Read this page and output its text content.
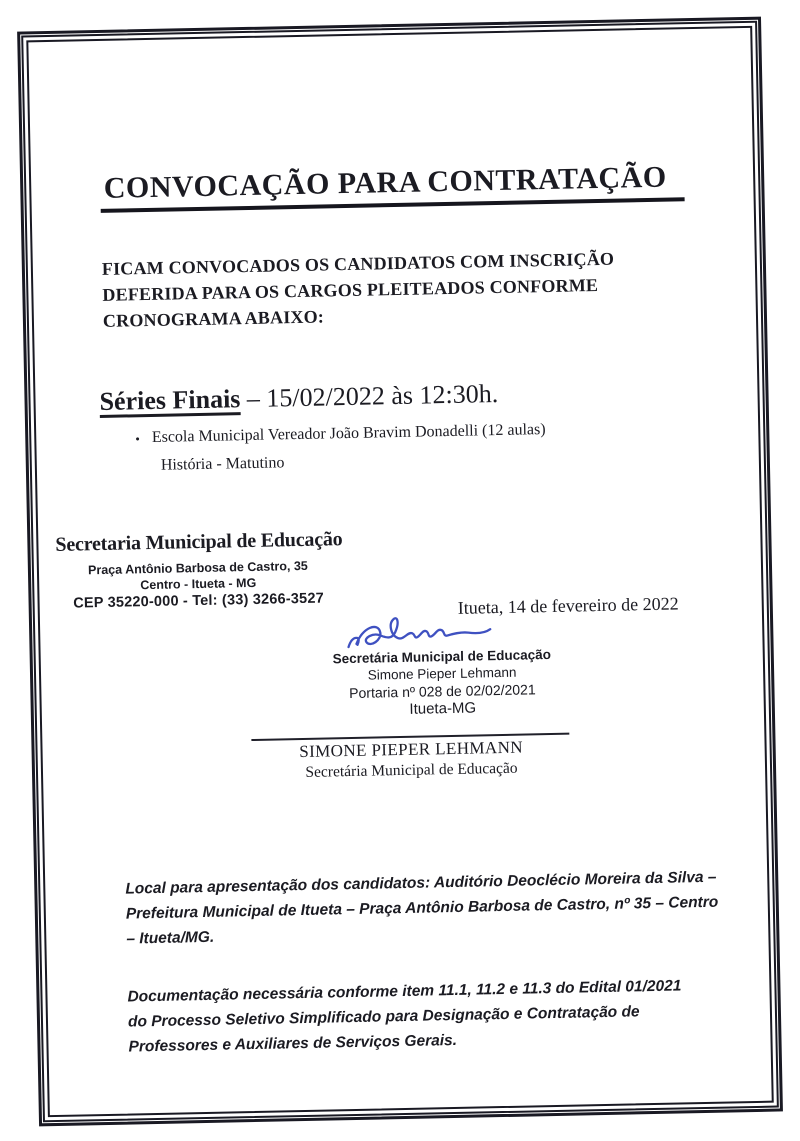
CONVOCAÇÃO PARA CONTRATAÇÃO

FICAM CONVOCADOS OS CANDIDATOS COM INSCRIÇÃO DEFERIDA PARA OS CARGOS PLEITEADOS CONFORME CRONOGRAMA ABAIXO:

Séries Finais – 15/02/2022 às 12:30h.
• Escola Municipal Vereador João Bravim Donadelli (12 aulas)
História - Matutino
Secretaria Municipal de Educação
Praça Antônio Barbosa de Castro, 35
Centro - Itueta - MG
CEP 35220-000 - Tel: (33) 3266-3527	Itueta, 14 de fevereiro de 2022
Secretária Municipal de Educação
Simone Pieper Lehmann
Portaria nº 028 de 02/02/2021
Itueta-MG
SIMONE PIEPER LEHMANN
Secretária Municipal de Educação

Local para apresentação dos candidatos: Auditório Deoclécio Moreira da Silva – Prefeitura Municipal de Itueta – Praça Antônio Barbosa de Castro, nº 35 – Centro – Itueta/MG.

Documentação necessária conforme item 11.1, 11.2 e 11.3 do Edital 01/2021 do Processo Seletivo Simplificado para Designação e Contratação de Professores e Auxiliares de Serviços Gerais.
